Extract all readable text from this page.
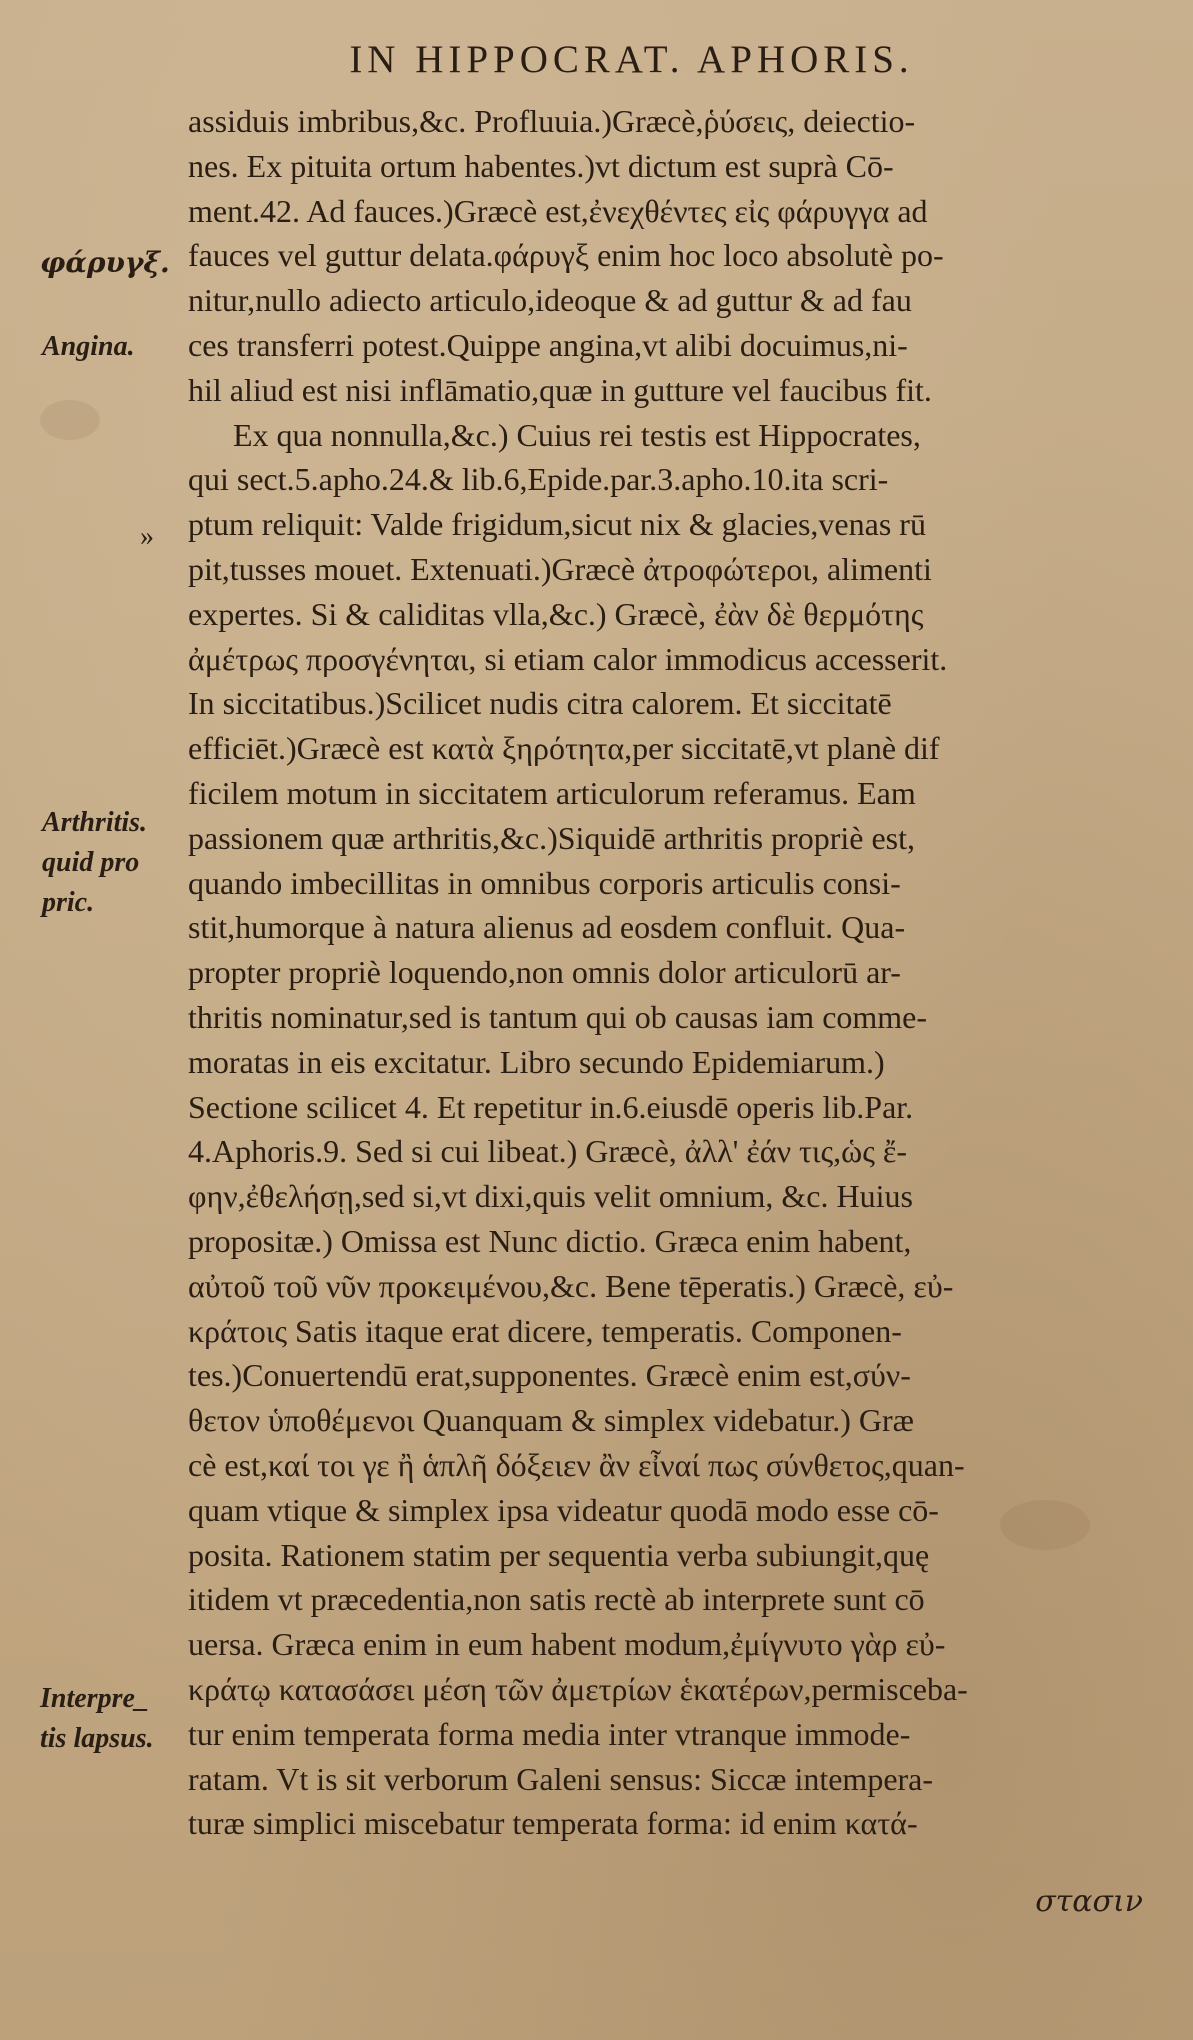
IN HIPPOCRAT. APHORIS.
φάρυγξ.
Angina.
»
Arthritis.
quid pro
pric.
Interpre_
tis lapsus.
assiduis imbribus,&c. Profluuia.)Græcè,ῥύσεις, deiectio-
nes. Ex pituita ortum habentes.)vt dictum est suprà Cō-
ment.42. Ad fauces.)Græcè est,ἐνεχθέντες εἰς φάρυγγα ad
fauces vel guttur delata.φάρυγξ enim hoc loco absolutè po-
nitur,nullo adiecto articulo,ideoque & ad guttur & ad fau
ces transferri potest.Quippe angina,vt alibi docuimus,ni-
hil aliud est nisi inflāmatio,quæ in gutture vel faucibus fit.
Ex qua nonnulla,&c.) Cuius rei testis est Hippocrates,
qui sect.5.apho.24.& lib.6,Epide.par.3.apho.10.ita scri-
ptum reliquit: Valde frigidum,sicut nix & glacies,venas rū
pit,tusses mouet. Extenuati.)Græcè ἀτροφώτεροι, alimenti
expertes. Si & caliditas vlla,&c.) Græcè, ἐὰν δὲ θερμότης
ἀμέτρως προσγένηται, si etiam calor immodicus accesserit.
In siccitatibus.)Scilicet nudis citra calorem. Et siccitatē
efficiēt.)Græcè est κατὰ ξηρότητα,per siccitatē,vt planè dif
ficilem motum in siccitatem articulorum referamus. Eam
passionem quæ arthritis,&c.)Siquidē arthritis propriè est,
quando imbecillitas in omnibus corporis articulis consi-
stit,humorque à natura alienus ad eosdem confluit. Qua-
propter propriè loquendo,non omnis dolor articulorū ar-
thritis nominatur,sed is tantum qui ob causas iam comme-
moratas in eis excitatur. Libro secundo Epidemiarum.)
Sectione scilicet 4. Et repetitur in.6.eiusdē operis lib.Par.
4.Aphoris.9. Sed si cui libeat.) Græcè, ἀλλ' ἐάν τις,ὡς ἔ-
φην,ἐθελήσῃ,sed si,vt dixi,quis velit omnium, &c. Huius
propositæ.) Omissa est Nunc dictio. Græca enim habent,
αὐτοῦ τοῦ νῦν προκειμένου,&c. Bene tēperatis.) Græcè, εὐ-
κράτοις Satis itaque erat dicere, temperatis. Componen-
tes.)Conuertendū erat,supponentes. Græcè enim est,σύν-
θετον ὑποθέμενοι Quanquam & simplex videbatur.) Græ
cè est,καί τοι γε ἢ ἁπλῆ δόξειεν ἂν εἶναί πως σύνθετος,quan-
quam vtique & simplex ipsa videatur quodā modo esse cō-
posita. Rationem statim per sequentia verba subiungit,quę
itidem vt præcedentia,non satis rectè ab interprete sunt cō
uersa. Græca enim in eum habent modum,ἐμίγνυτο γὰρ εὐ-
κράτῳ κατασάσει μέση τῶν ἀμετρίων ἑκατέρων,permisceba-
tur enim temperata forma media inter vtranque immode-
ratam. Vt is sit verborum Galeni sensus: Siccæ intempera-
turæ simplici miscebatur temperata forma: id enim κατά-
στασιν
